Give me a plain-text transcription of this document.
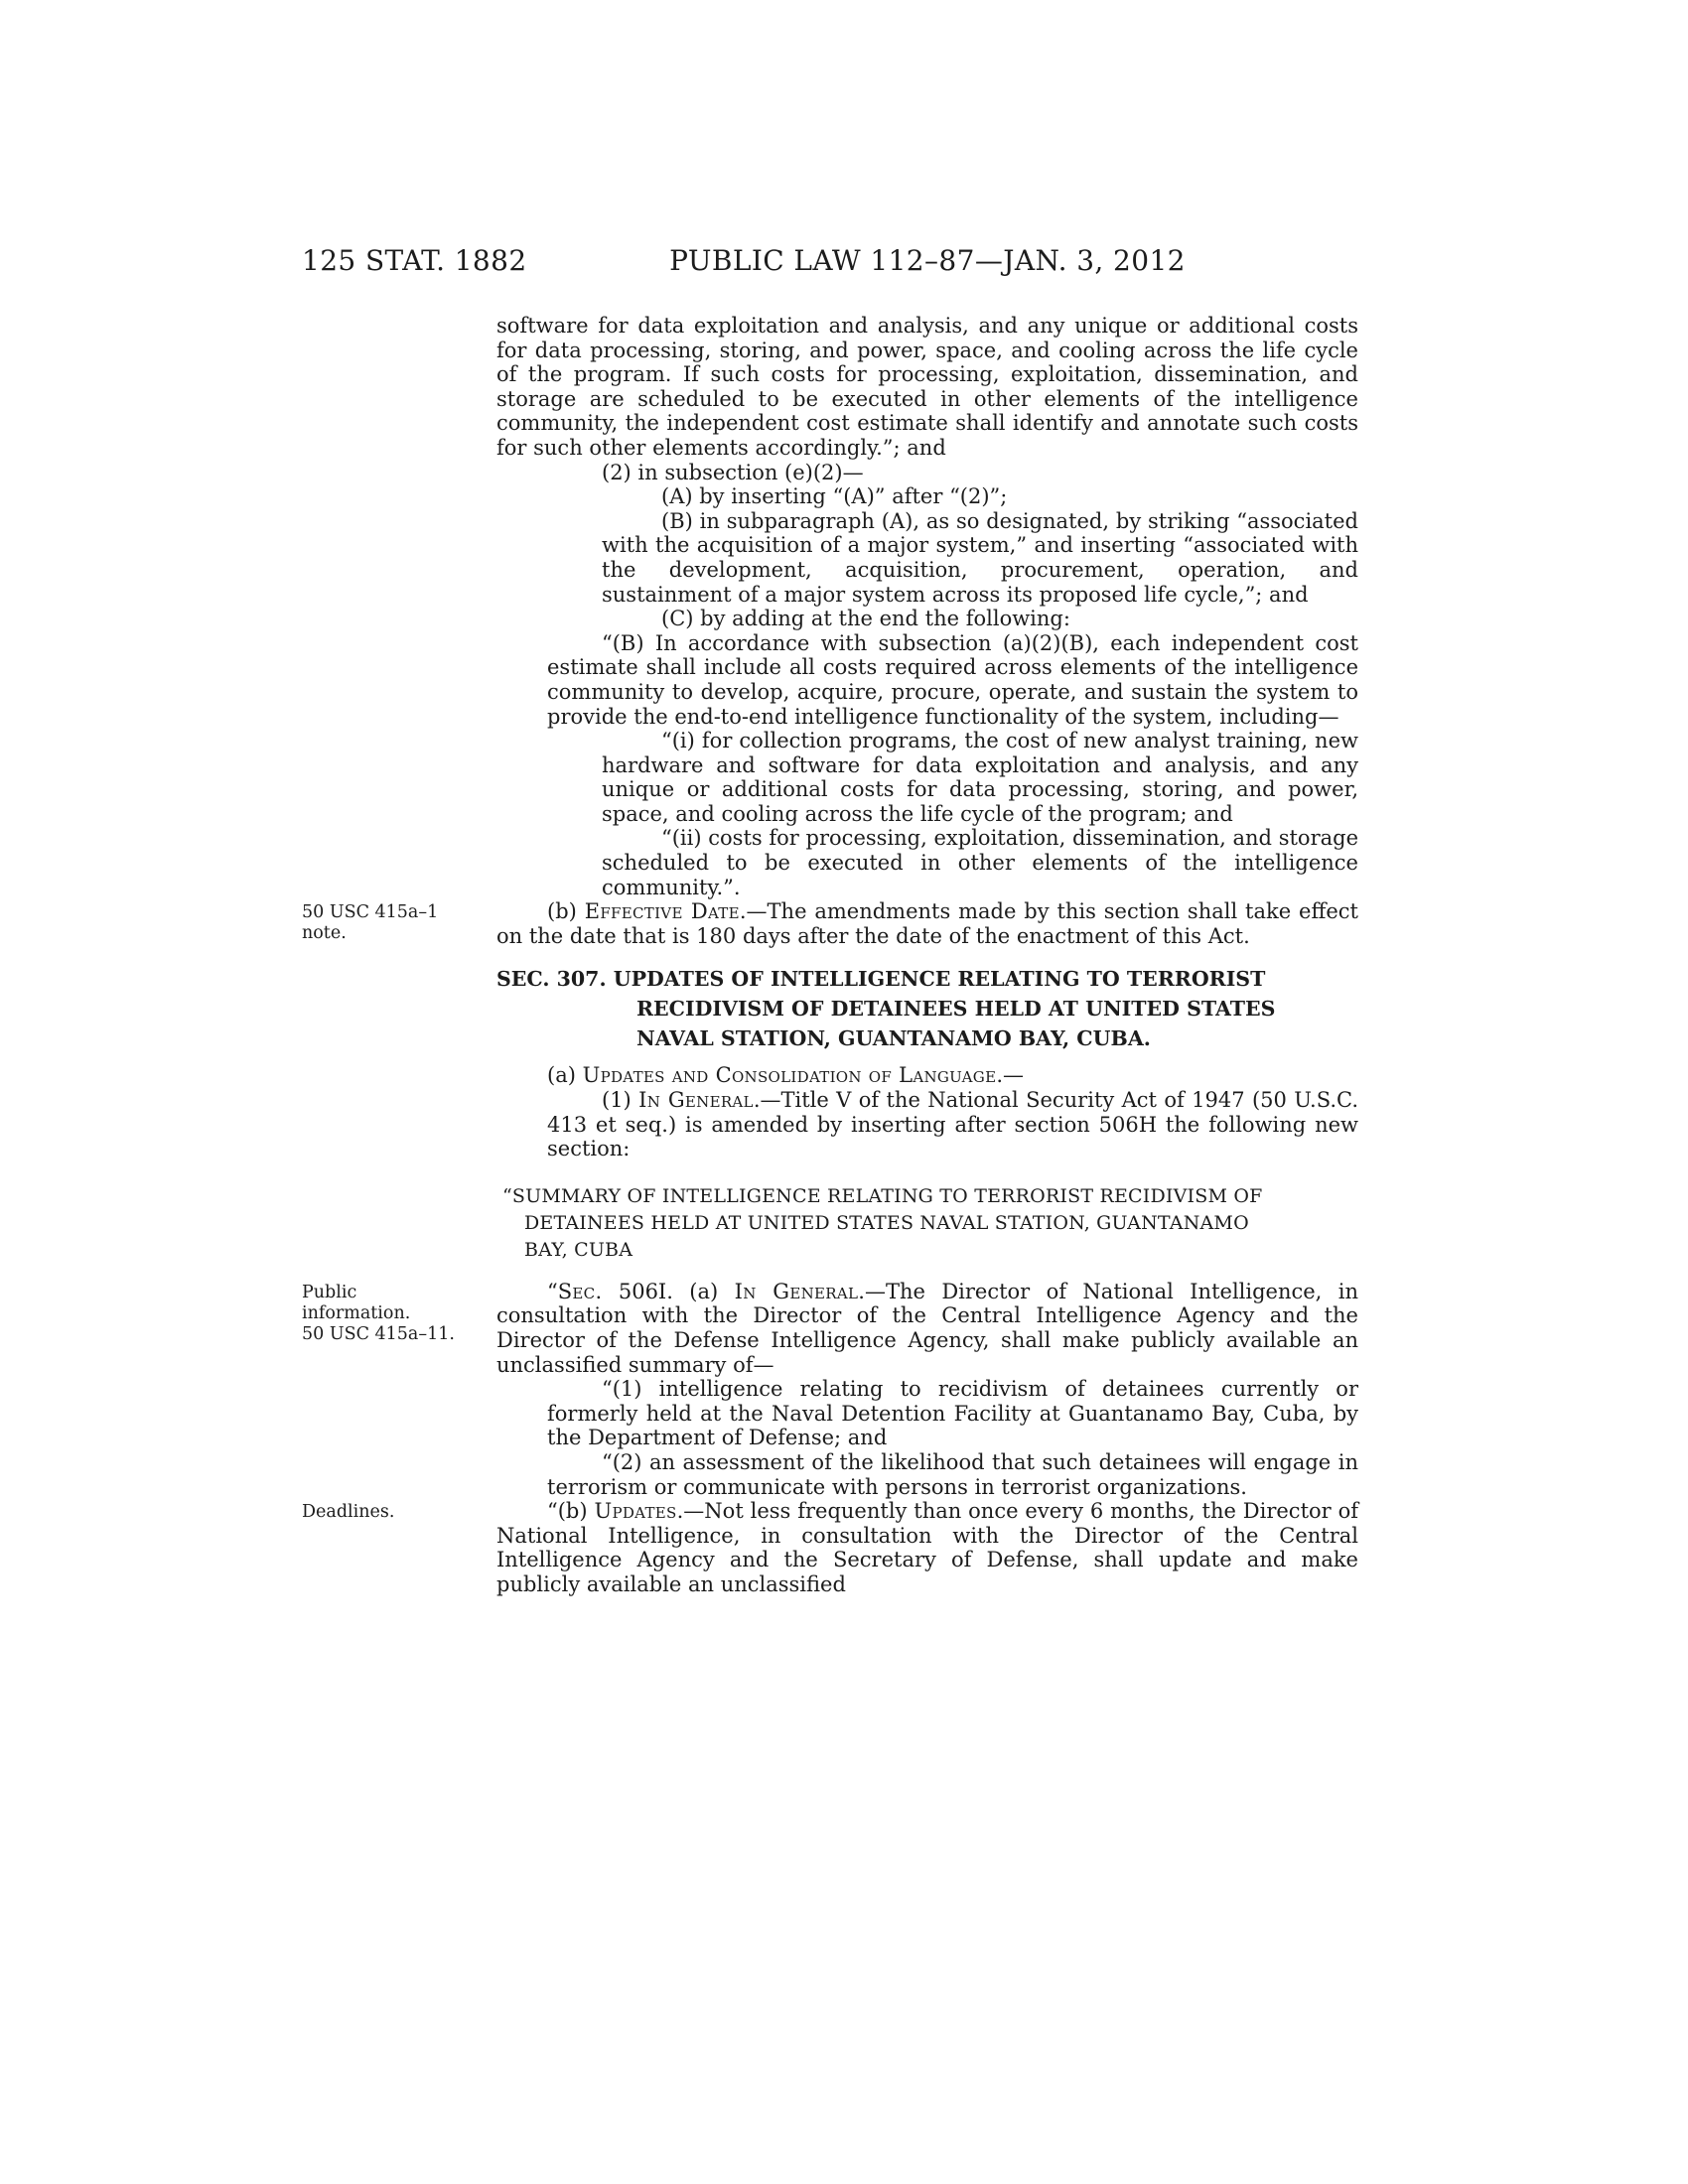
125 STAT. 1882	PUBLIC LAW 112–87—JAN. 3, 2012

software for data exploitation and analysis, and any unique or additional costs for data processing, storing, and power, space, and cooling across the life cycle of the program. If such costs for processing, exploitation, dissemination, and storage are scheduled to be executed in other elements of the intelligence community, the independent cost estimate shall identify and annotate such costs for such other elements accordingly.”; and

(2) in subsection (e)(2)—

(A) by inserting “(A)” after “(2)”;

(B) in subparagraph (A), as so designated, by striking “associated with the acquisition of a major system,” and inserting “associated with the development, acquisition, procurement, operation, and sustainment of a major system across its proposed life cycle,”; and

(C) by adding at the end the following:

“(B) In accordance with subsection (a)(2)(B), each independent cost estimate shall include all costs required across elements of the intelligence community to develop, acquire, procure, operate, and sustain the system to provide the end-to-end intelligence functionality of the system, including—

“(i) for collection programs, the cost of new analyst training, new hardware and software for data exploitation and analysis, and any unique or additional costs for data processing, storing, and power, space, and cooling across the life cycle of the program; and

“(ii) costs for processing, exploitation, dissemination, and storage scheduled to be executed in other elements of the intelligence community.”.

50 USC 415a–1
note.

(b) Effective Date.—The amendments made by this section shall take effect on the date that is 180 days after the date of the enactment of this Act.

SEC. 307. UPDATES OF INTELLIGENCE RELATING TO TERRORIST
RECIDIVISM OF DETAINEES HELD AT UNITED STATES
NAVAL STATION, GUANTANAMO BAY, CUBA.

(a) Updates and Consolidation of Language.—

(1) In General.—Title V of the National Security Act of 1947 (50 U.S.C. 413 et seq.) is amended by inserting after section 506H the following new section:

“SUMMARY OF INTELLIGENCE RELATING TO TERRORIST RECIDIVISM OF
DETAINEES HELD AT UNITED STATES NAVAL STATION, GUANTANAMO
BAY, CUBA
Public
information.
50 USC 415a–11.

“Sec. 506I. (a) In General.—The Director of National Intelligence, in consultation with the Director of the Central Intelligence Agency and the Director of the Defense Intelligence Agency, shall make publicly available an unclassified summary of—

“(1) intelligence relating to recidivism of detainees currently or formerly held at the Naval Detention Facility at Guantanamo Bay, Cuba, by the Department of Defense; and

“(2) an assessment of the likelihood that such detainees will engage in terrorism or communicate with persons in terrorist organizations.

Deadlines.	“(b) Updates.—Not less frequently than once every 6 months, the Director of National Intelligence, in consultation with the Director of the Central Intelligence Agency and the Secretary of Defense, shall update and make publicly available an unclassified
